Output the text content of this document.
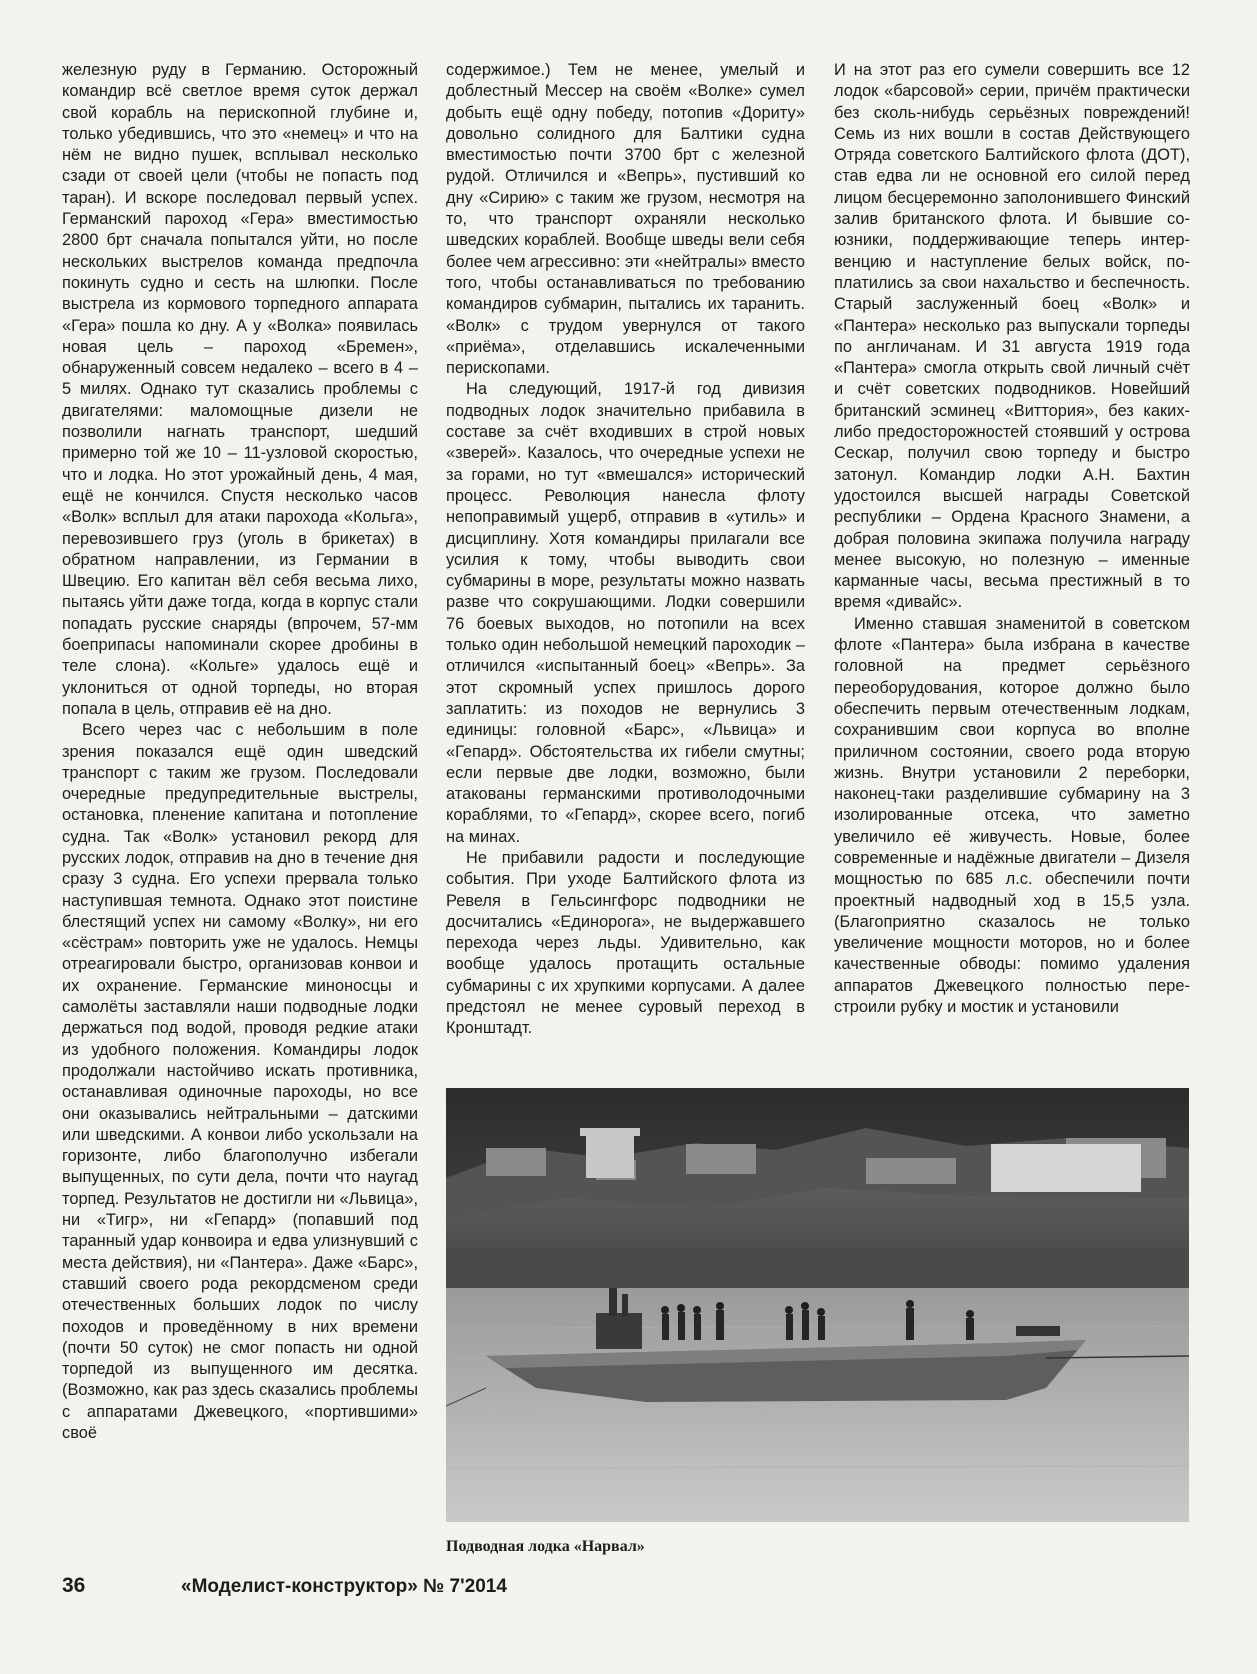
железную руду в Германию. Осторожный командир всё светлое время суток держал свой корабль на перископной глубине и, только убедившись, что это «немец» и что на нём не видно пушек, всплывал несколько сзади от своей цели (чтобы не попасть под таран). И вскоре последовал первый успех. Германский пароход «Гера» вместимостью 2800 брт сначала попытался уйти, но после нескольких выстрелов команда предпочла покинуть судно и сесть на шлюпки. После выстрела из кормового торпедного аппарата «Гера» пошла ко дну. А у «Волка» появилась новая цель – пароход «Бремен», обнаруженный совсем недалеко – всего в 4 – 5 милях. Однако тут сказались проблемы с двигателями: маломощные дизели не позволили нагнать транспорт, шедший примерно той же 10 – 11-узловой скоростью, что и лодка. Но этот урожайный день, 4 мая, ещё не кончился. Спустя несколько часов «Волк» всплыл для атаки парохода «Кольга», перевозившего груз (уголь в брикетах) в обратном направлении, из Германии в Швецию. Его капитан вёл себя весьма лихо, пытаясь уйти даже тогда, когда в корпус стали попадать русские снаряды (впрочем, 57-мм боеприпасы напоминали скорее дробины в теле слона). «Кольге» удалось ещё и уклониться от одной торпеды, но вторая попала в цель, отправив её на дно.

Всего через час с небольшим в поле зрения показался ещё один шведский транспорт с таким же грузом. Последовали очередные предупредительные выстрелы, остановка, пленение капитана и потопление судна. Так «Волк» установил рекорд для русских лодок, отправив на дно в течение дня сразу 3 судна. Его успехи прервала только наступившая темнота. Однако этот поистине блестящий успех ни самому «Волку», ни его «сёстрам» повторить уже не удалось. Немцы отреагировали быстро, организовав конвои и их охранение. Германские миноносцы и самолёты заставляли наши подводные лодки держаться под водой, проводя редкие атаки из удобного положения. Командиры лодок продолжали настойчиво искать противника, останавливая одиночные пароходы, но все они оказывались нейтральными – датскими или шведскими. А конвои либо ускользали на горизонте, либо благополучно избегали выпущенных, по сути дела, почти что наугад торпед. Результатов не достигли ни «Львица», ни «Тигр», ни «Гепард» (попавший под таранный удар конвоира и едва улизнувший с места действия), ни «Пантера». Даже «Барс», ставший своего рода рекордсменом среди отечественных больших лодок по числу походов и проведённому в них времени (почти 50 суток) не смог попасть ни одной торпедой из выпущенного им десятка. (Возможно, как раз здесь сказались проблемы с аппаратами Джевецкого, «портившими» своё

содержимое.) Тем не менее, умелый и доблестный Мессер на своём «Волке» сумел добыть ещё одну победу, потопив «Дориту» довольно солидного для Балтики судна вместимостью почти 3700 брт с железной рудой. Отличился и «Вепрь», пустивший ко дну «Сирию» с таким же грузом, несмотря на то, что транспорт охраняли несколько шведских кораблей. Вообще шведы вели себя более чем агрессивно: эти «нейтралы» вместо того, чтобы останавливаться по требованию командиров субмарин, пытались их таранить. «Волк» с трудом увернулся от такого «приёма», отделавшись искалеченными перископами.

На следующий, 1917-й год дивизия подводных лодок значительно прибавила в составе за счёт входивших в строй новых «зверей». Казалось, что очередные успехи не за горами, но тут «вмешался» исторический процесс. Революция нанесла флоту непоправимый ущерб, отправив в «утиль» и дисциплину. Хотя командиры прилагали все усилия к тому, чтобы выводить свои субмарины в море, результаты можно назвать разве что сокрушающими. Лодки совершили 76 боевых выходов, но потопили на всех только один небольшой немецкий пароходик – отличился «испытанный боец» «Вепрь». За этот скромный успех пришлось дорого заплатить: из походов не вернулись 3 единицы: головной «Барс», «Львица» и «Гепард». Обстоятельства их гибели смутны; если первые две лодки, возможно, были атакованы германскими противолодочными кораблями, то «Гепард», скорее всего, погиб на минах.

Не прибавили радости и последующие события. При уходе Балтийского флота из Ревеля в Гельсингфорс подводники не досчитались «Единорога», не выдержавшего перехода через льды. Удивительно, как вообще удалось протащить остальные субмарины с их хрупкими корпусами. А далее предстоял не менее суровый переход в Кронштадт.

И на этот раз его сумели совершить все 12 лодок «барсовой» серии, причём практически без сколь-нибудь серьёзных повреждений! Семь из них вошли в состав Действующего Отряда советского Балтийского флота (ДОТ), став едва ли не основной его силой перед лицом бесцеремонно заполонившего Финский залив британского флота. И бывшие союзники, поддерживающие теперь интервенцию и наступление белых войск, поплатились за свои нахальство и беспечность. Старый заслуженный боец «Волк» и «Пантера» несколько раз выпускали торпеды по англичанам. И 31 августа 1919 года «Пантера» смогла открыть свой личный счёт и счёт советских подводников. Новейший британский эсминец «Виттория», без каких-либо предосторожностей стоявший у острова Сескар, получил свою торпеду и быстро затонул. Командир лодки А.Н. Бахтин удостоился высшей награды Советской республики – Ордена Красного Знамени, а добрая половина экипажа получила награду менее высокую, но полезную – именные карманные часы, весьма престижный в то время «дивайс».

Именно ставшая знаменитой в советском флоте «Пантера» была избрана в качестве головной на предмет серьёзного переоборудования, которое должно было обеспечить первым отечественным лодкам, сохранившим свои корпуса во вполне приличном состоянии, своего рода вторую жизнь. Внутри установили 2 переборки, наконец-таки разделившие субмарину на 3 изолированные отсека, что заметно увеличило её живучесть. Новые, более современные и надёжные двигатели – Дизеля мощностью по 685 л.с. обеспечили почти проектный надводный ход в 15,5 узла. (Благоприятно сказалось не только увеличение мощности моторов, но и более качественные обводы: помимо удаления аппаратов Джевецкого полностью перестроили рубку и мостик и установили

Подводная лодка «Нарвал»
36	«Моделист-конструктор» № 7'2014
